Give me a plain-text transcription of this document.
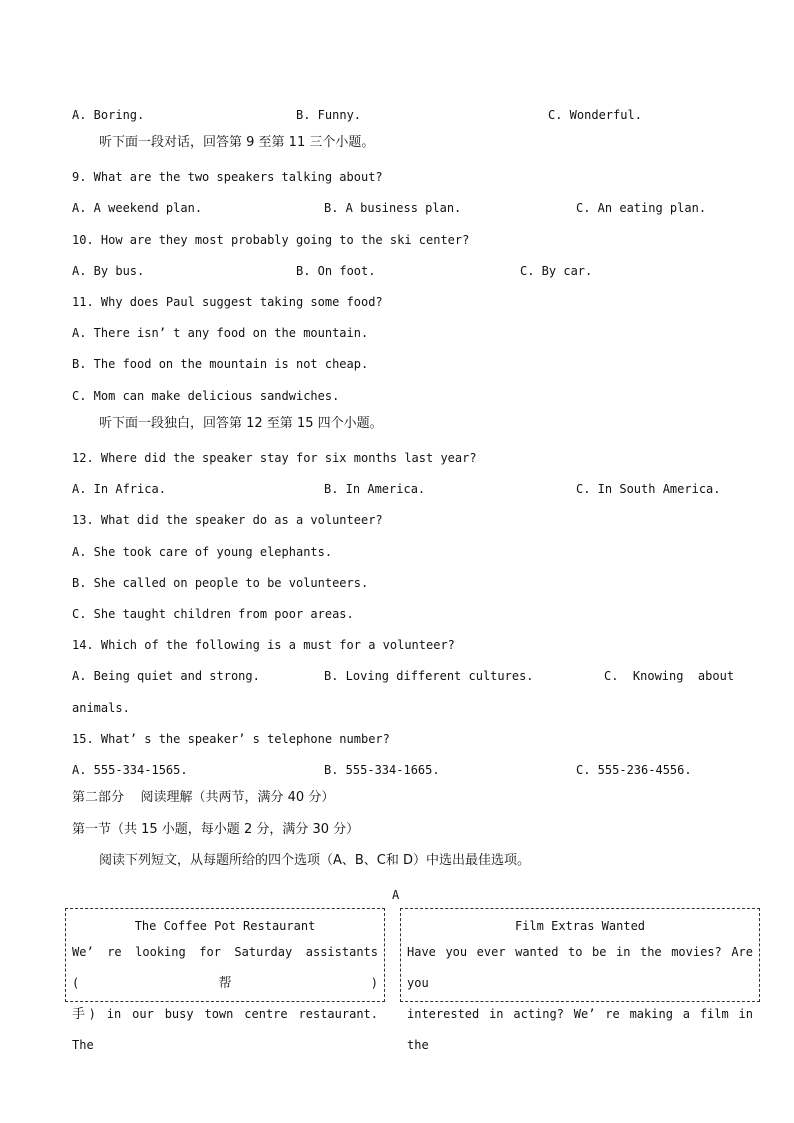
A. Boring.	B. Funny.	C. Wonderful.
听下面一段对话，回答第 9 至第 11 三个小题。
9. What are the two speakers talking about?
A. A weekend plan.	B. A business plan.	C. An eating plan.
10. How are they most probably going to the ski center?
A. By bus.	B. On foot.	C. By car.
11. Why does Paul suggest taking some food?
A. There isn’ t any food on the mountain.
B. The food on the mountain is not cheap.
C. Mom can make delicious sandwiches.
听下面一段独白，回答第 12 至第 15 四个小题。
12. Where did the speaker stay for six months last year?
A. In Africa.	B. In America.	C. In South America.
13. What did the speaker do as a volunteer?
A. She took care of young elephants.
B. She called on people to be volunteers.
C. She taught children from poor areas.
14. Which of the following is a must for a volunteer?
A. Being quiet and strong.	B. Loving different cultures.	C.  Knowing  about
animals.
15. What’ s the speaker’ s telephone number?
A. 555-334-1565.	B. 555-334-1665.	C. 555-236-4556.
第二部分    阅读理解（共两节，满分 40 分）
第一节（共 15 小题，每小题 2 分，满分 30 分）
阅读下列短文，从每题所给的四个选项（A、B、C和 D）中选出最佳选项。
A
The Coffee Pot Restaurant
We’ re looking for Saturday assistants (帮)
手) in our busy town centre restaurant. The
Film Extras Wanted
Have you ever wanted to be in the movies? Are you
interested in acting? We’ re making a film in the
